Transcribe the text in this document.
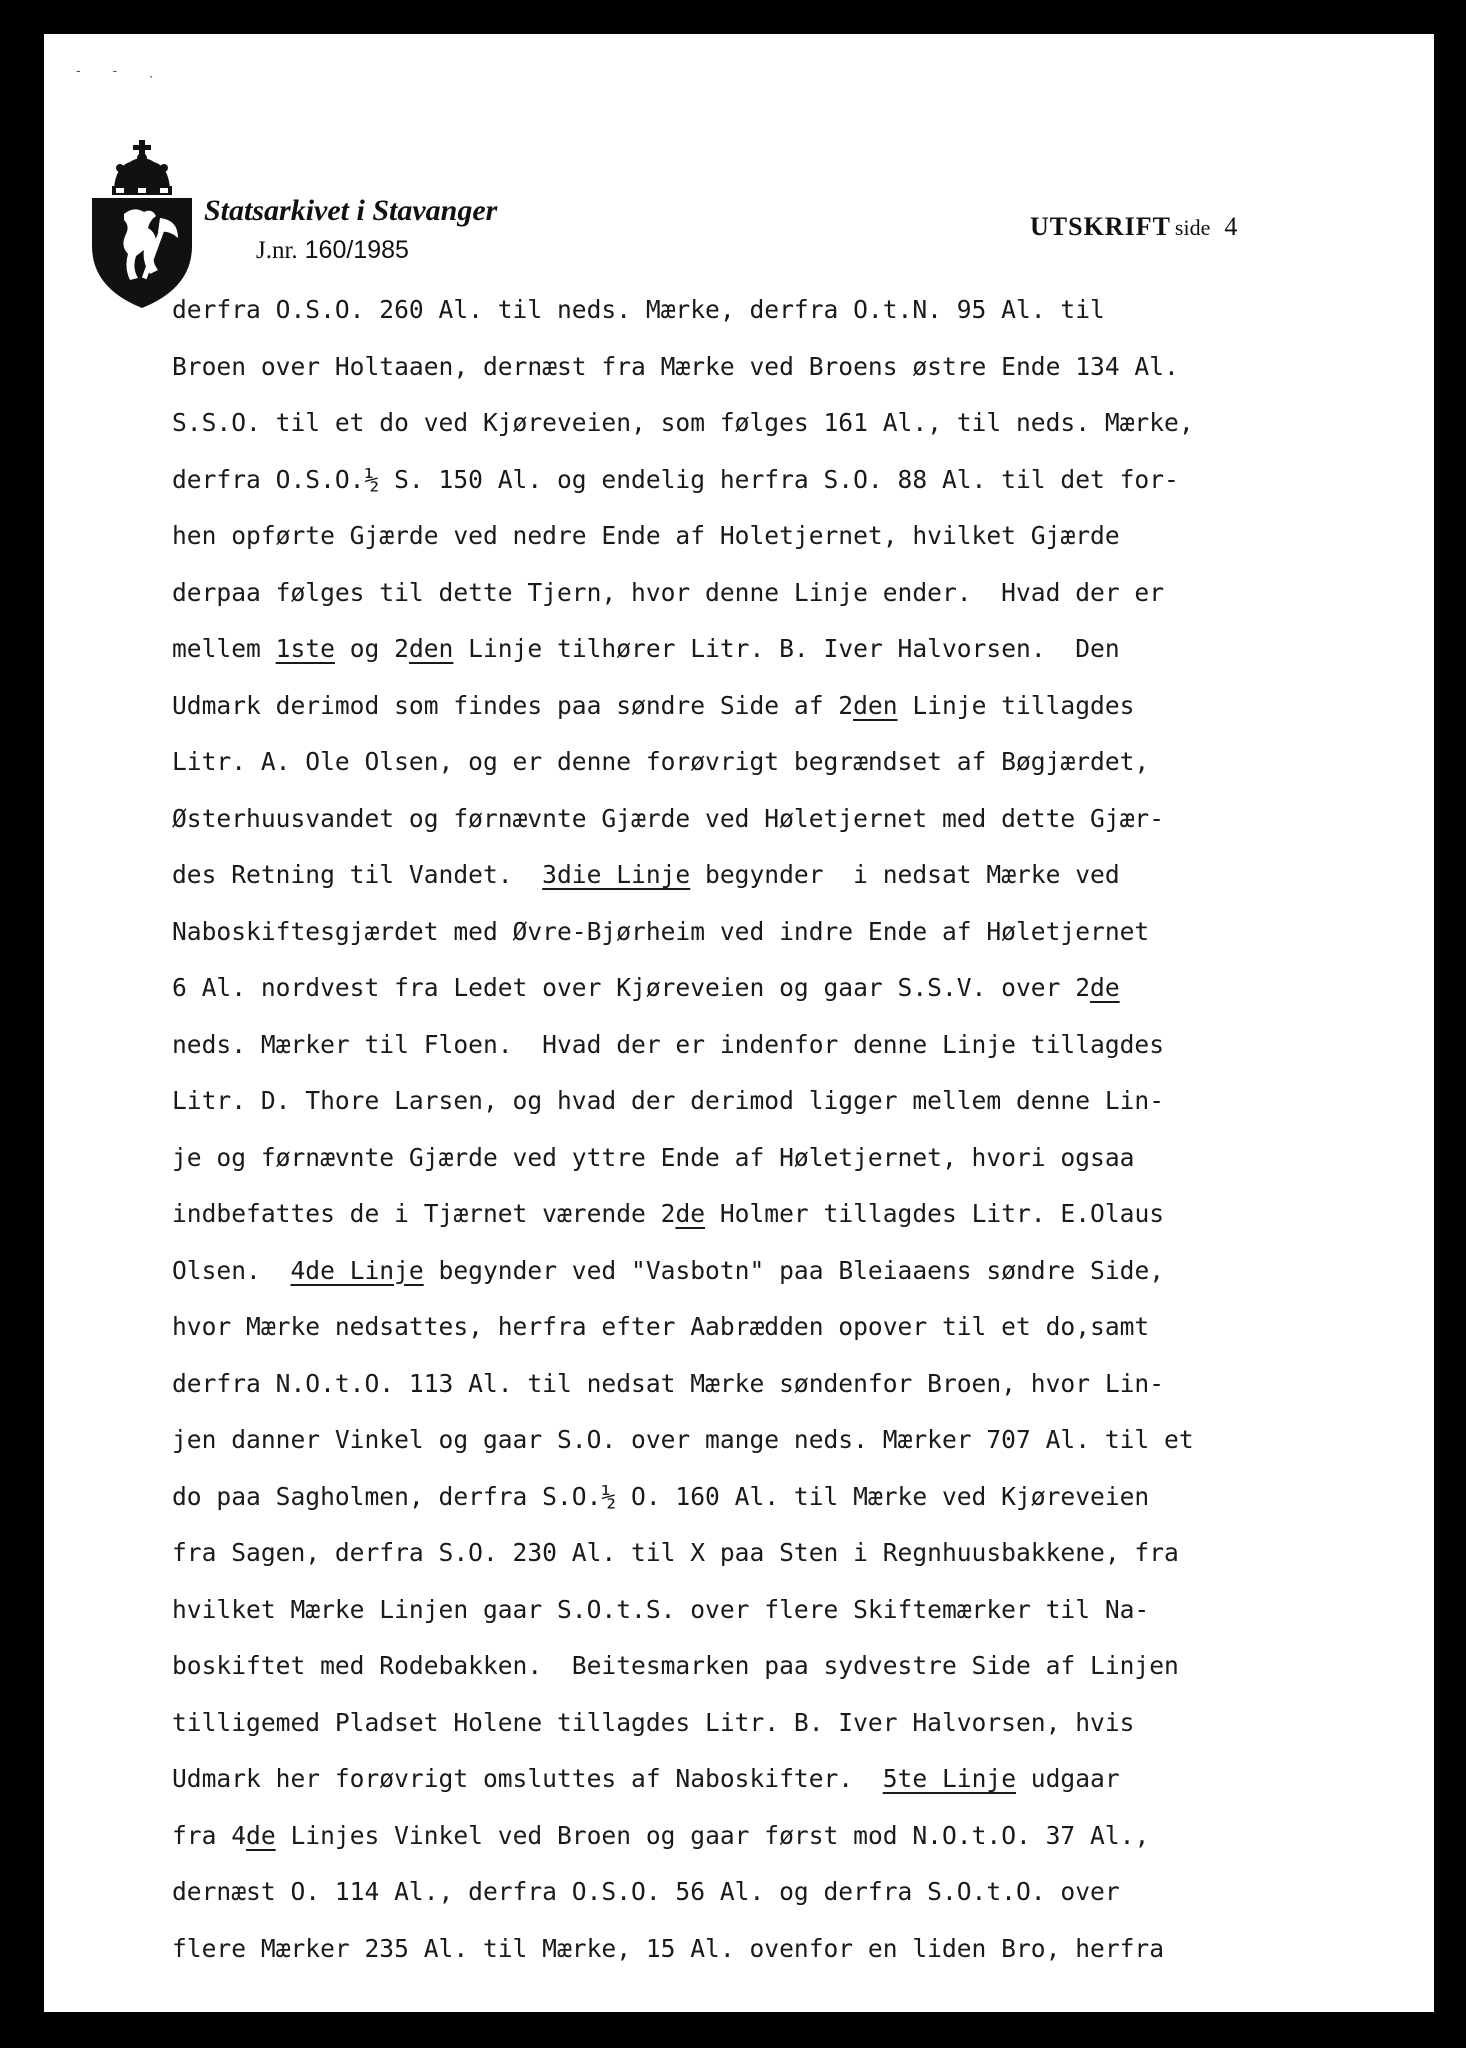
‐ ‐ ˎ
Statsarkivet i Stavanger
J.nr. 160/1985
UTSKRIFT side 4
derfra O.S.O. 260 Al. til neds. Mærke, derfra O.t.N. 95 Al. til
Broen over Holtaaen, dernæst fra Mærke ved Broens østre Ende 134 Al.
S.S.O. til et do ved Kjøreveien, som følges 161 Al., til neds. Mærke,
derfra O.S.O.½ S. 150 Al. og endelig herfra S.O. 88 Al. til det for-
hen opførte Gjærde ved nedre Ende af Holetjernet, hvilket Gjærde
derpaa følges til dette Tjern, hvor denne Linje ender.  Hvad der er
mellem 1ste og 2den Linje tilhører Litr. B. Iver Halvorsen.  Den
Udmark derimod som findes paa søndre Side af 2den Linje tillagdes
Litr. A. Ole Olsen, og er denne forøvrigt begrændset af Bøgjærdet,
Østerhuusvandet og førnævnte Gjærde ved Høletjernet med dette Gjær-
des Retning til Vandet.  3die Linje begynder  i nedsat Mærke ved
Naboskiftesgjærdet med Øvre-Bjørheim ved indre Ende af Høletjernet
6 Al. nordvest fra Ledet over Kjøreveien og gaar S.S.V. over 2de
neds. Mærker til Floen.  Hvad der er indenfor denne Linje tillagdes
Litr. D. Thore Larsen, og hvad der derimod ligger mellem denne Lin-
je og førnævnte Gjærde ved yttre Ende af Høletjernet, hvori ogsaa
indbefattes de i Tjærnet værende 2de Holmer tillagdes Litr. E.Olaus
Olsen.  4de Linje begynder ved "Vasbotn" paa Bleiaaens søndre Side,
hvor Mærke nedsattes, herfra efter Aabrædden opover til et do,samt
derfra N.O.t.O. 113 Al. til nedsat Mærke søndenfor Broen, hvor Lin-
jen danner Vinkel og gaar S.O. over mange neds. Mærker 707 Al. til et
do paa Sagholmen, derfra S.O.½ O. 160 Al. til Mærke ved Kjøreveien
fra Sagen, derfra S.O. 230 Al. til X paa Sten i Regnhuusbakkene, fra
hvilket Mærke Linjen gaar S.O.t.S. over flere Skiftemærker til Na-
boskiftet med Rodebakken.  Beitesmarken paa sydvestre Side af Linjen
tilligemed Pladset Holene tillagdes Litr. B. Iver Halvorsen, hvis
Udmark her forøvrigt omsluttes af Naboskifter.  5te Linje udgaar
fra 4de Linjes Vinkel ved Broen og gaar først mod N.O.t.O. 37 Al.,
dernæst O. 114 Al., derfra O.S.O. 56 Al. og derfra S.O.t.O. over
flere Mærker 235 Al. til Mærke, 15 Al. ovenfor en liden Bro, herfra
